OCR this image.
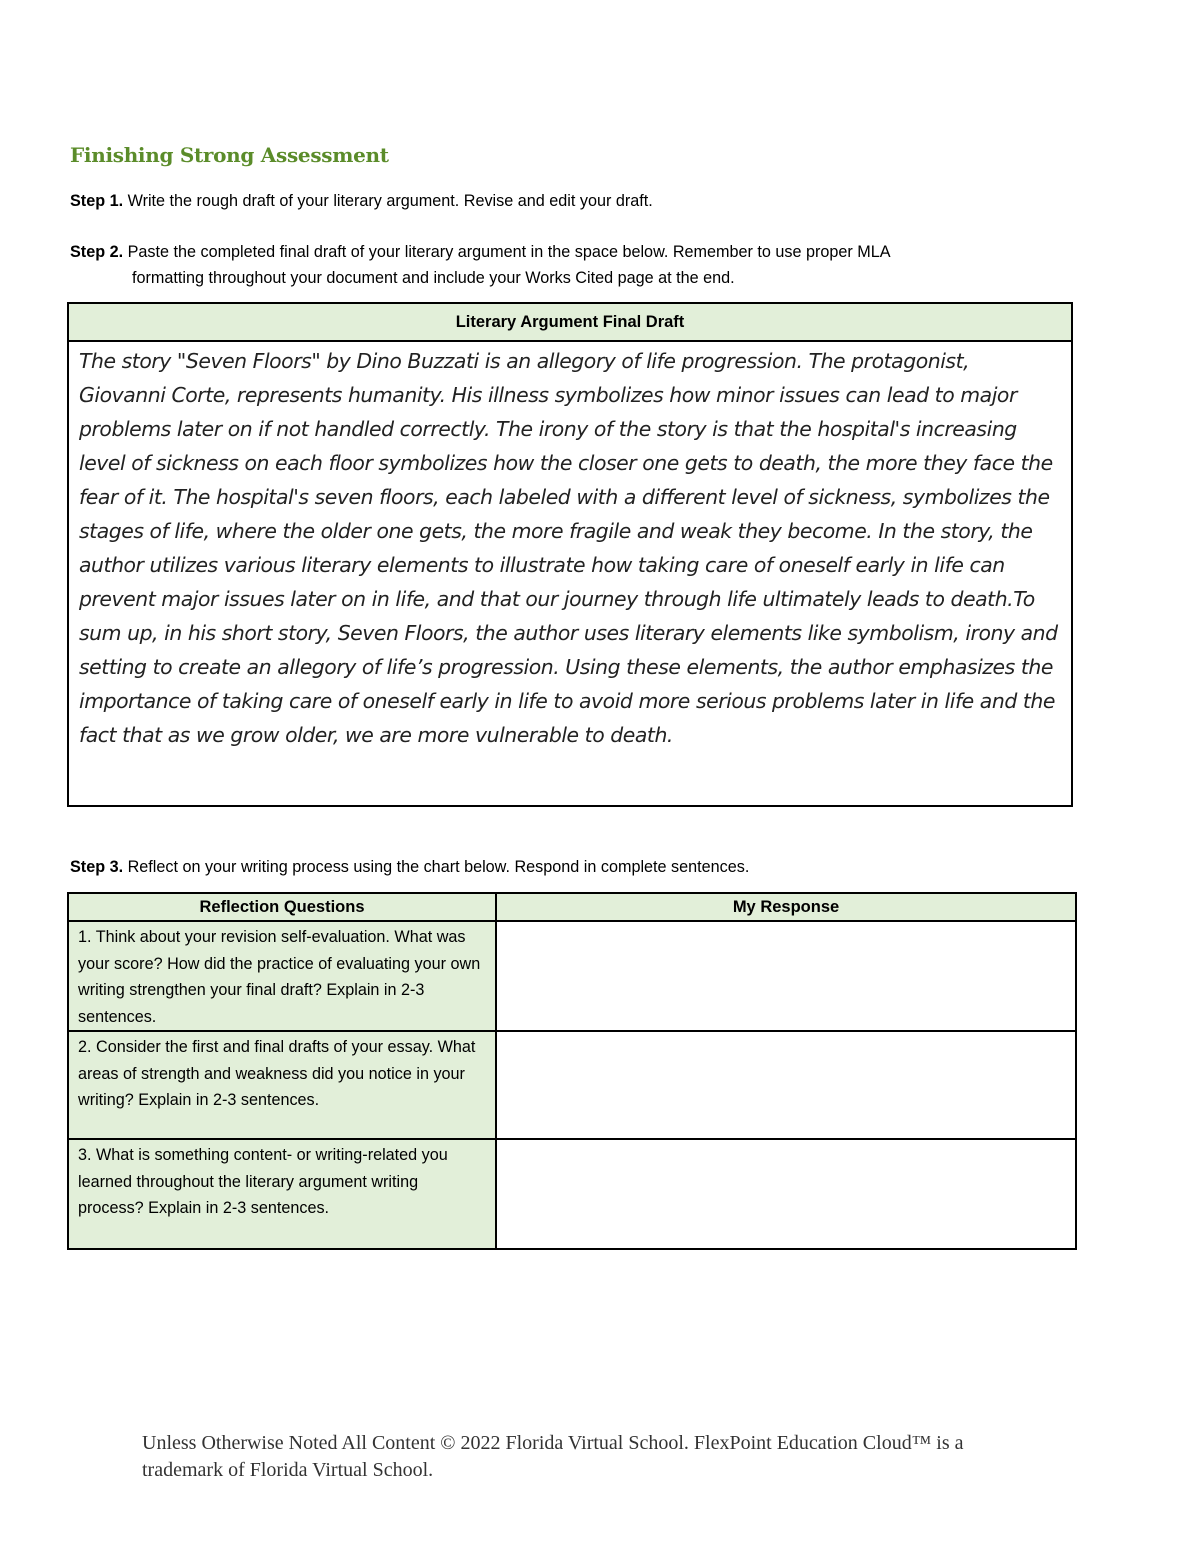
Finishing Strong Assessment
Step 1. Write the rough draft of your literary argument. Revise and edit your draft.
Step 2. Paste the completed final draft of your literary argument in the space below. Remember to use proper MLA
formatting throughout your document and include your Works Cited page at the end.
Literary Argument Final Draft
The story "Seven Floors" by Dino Buzzati is an allegory of life progression. The protagonist, Giovanni Corte, represents humanity. His illness symbolizes how minor issues can lead to major problems later on if not handled correctly. The irony of the story is that the hospital's increasing level of sickness on each floor symbolizes how the closer one gets to death, the more they face the fear of it. The hospital's seven floors, each labeled with a different level of sickness, symbolizes the stages of life, where the older one gets, the more fragile and weak they become. In the story, the author utilizes various literary elements to illustrate how taking care of oneself early in life can prevent major issues later on in life, and that our journey through life ultimately leads to death.To sum up, in his short story, Seven Floors, the author uses literary elements like symbolism, irony and setting to create an allegory of life’s progression. Using these elements, the author emphasizes the importance of taking care of oneself early in life to avoid more serious problems later in life and the fact that as we grow older, we are more vulnerable to death.
Step 3. Reflect on your writing process using the chart below. Respond in complete sentences.
Reflection Questions	My Response
1. Think about your revision self-evaluation. What was your score? How did the practice of evaluating your own writing strengthen your final draft? Explain in 2-3 sentences.	
2. Consider the first and final drafts of your essay. What areas of strength and weakness did you notice in your writing? Explain in 2-3 sentences.	
3. What is something content- or writing-related you learned throughout the literary argument writing process? Explain in 2-3 sentences.	
Unless Otherwise Noted All Content © 2022 Florida Virtual School. FlexPoint Education Cloud™ is a trademark of Florida Virtual School.
